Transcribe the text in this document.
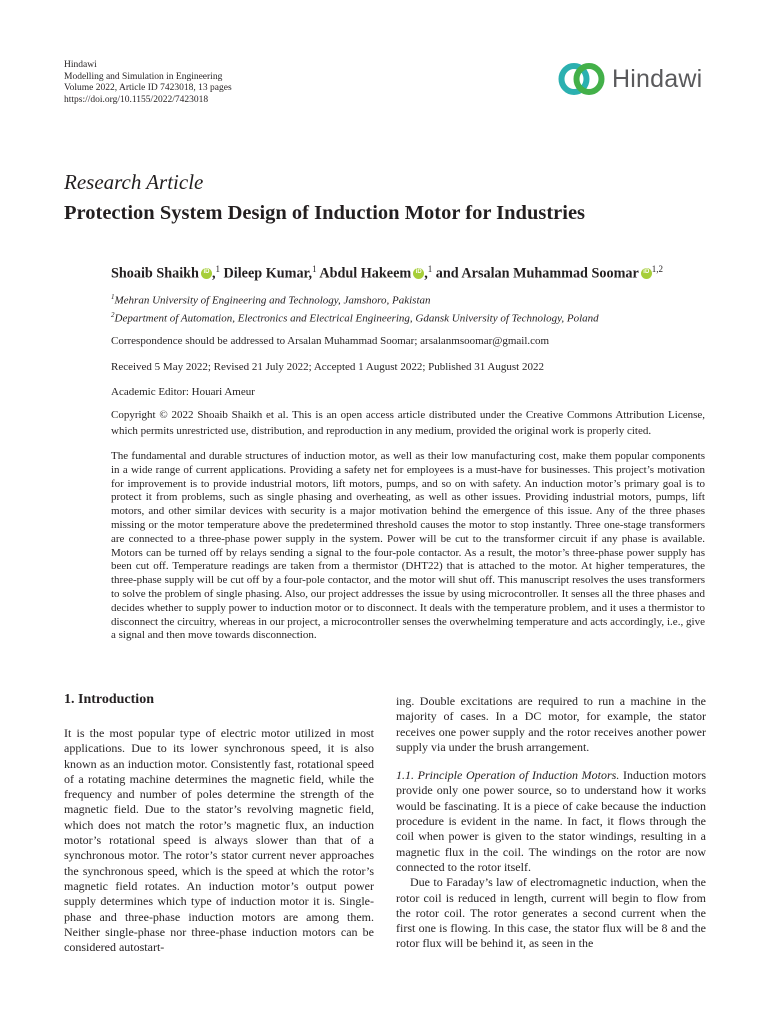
Hindawi
Modelling and Simulation in Engineering
Volume 2022, Article ID 7423018, 13 pages
https://doi.org/10.1155/2022/7423018
Hindawi
Research Article
Protection System Design of Induction Motor for Industries
Shoaib Shaikh iD ,$^1$ Dileep Kumar,$^1$ Abdul Hakeem iD ,$^1$ and Arsalan Muhammad Soomar iD $^{1,2}$
$^1$Mehran University of Engineering and Technology, Jamshoro, Pakistan
$^2$Department of Automation, Electronics and Electrical Engineering, Gdansk University of Technology, Poland
Correspondence should be addressed to Arsalan Muhammad Soomar; arsalanmsoomar@gmail.com
Received 5 May 2022; Revised 21 July 2022; Accepted 1 August 2022; Published 31 August 2022
Academic Editor: Houari Ameur
Copyright © 2022 Shoaib Shaikh et al. This is an open access article distributed under the Creative Commons Attribution License, which permits unrestricted use, distribution, and reproduction in any medium, provided the original work is properly cited.
The fundamental and durable structures of induction motor, as well as their low manufacturing cost, make them popular components in a wide range of current applications. Providing a safety net for employees is a must-have for businesses. This project’s motivation for improvement is to provide industrial motors, lift motors, pumps, and so on with safety. An induction motor’s primary goal is to protect it from problems, such as single phasing and overheating, as well as other issues. Providing industrial motors, pumps, lift motors, and other similar devices with security is a major motivation behind the emergence of this issue. Any of the three phases missing or the motor temperature above the predetermined threshold causes the motor to stop instantly. Three one-stage transformers are connected to a three-phase power supply in the system. Power will be cut to the transformer circuit if any phase is available. Motors can be turned off by relays sending a signal to the four-pole contactor. As a result, the motor’s three-phase power supply has been cut off. Temperature readings are taken from a thermistor (DHT22) that is attached to the motor. At higher temperatures, the three-phase supply will be cut off by a four-pole contactor, and the motor will shut off. This manuscript resolves the uses transformers to solve the problem of single phasing. Also, our project addresses the issue by using microcontroller. It senses all the three phases and decides whether to supply power to induction motor or to disconnect. It deals with the temperature problem, and it uses a thermistor to disconnect the circuitry, whereas in our project, a microcontroller senses the overwhelming temperature and acts accordingly, i.e., give a signal and then move towards disconnection.
1. Introduction

It is the most popular type of electric motor utilized in most applications. Due to its lower synchronous speed, it is also known as an induction motor. Consistently fast, rotational speed of a rotating machine determines the magnetic field, while the frequency and number of poles determine the strength of the magnetic field. Due to the stator’s revolving magnetic field, which does not match the rotor’s magnetic flux, an induction motor’s rotational speed is always slower than that of a synchronous motor. The rotor’s stator current never approaches the synchronous speed, which is the speed at which the rotor’s magnetic field rotates. An induction motor’s output power supply determines which type of induction motor it is. Single-phase and three-phase induction motors are among them. Neither single-phase nor three-phase induction motors can be considered autostart-

ing. Double excitations are required to run a machine in the majority of cases. In a DC motor, for example, the stator receives one power supply and the rotor receives another power supply via under the brush arrangement.

1.1. Principle Operation of Induction Motors. Induction motors provide only one power source, so to understand how it works would be fascinating. It is a piece of cake because the induction procedure is evident in the name. In fact, it flows through the coil when power is given to the stator windings, resulting in a magnetic flux in the coil. The windings on the rotor are now connected to the rotor itself.

Due to Faraday’s law of electromagnetic induction, when the rotor coil is reduced in length, current will begin to flow from the rotor coil. The rotor generates a second current when the first one is flowing. In this case, the stator flux will be 8 and the rotor flux will be behind it, as seen in the
